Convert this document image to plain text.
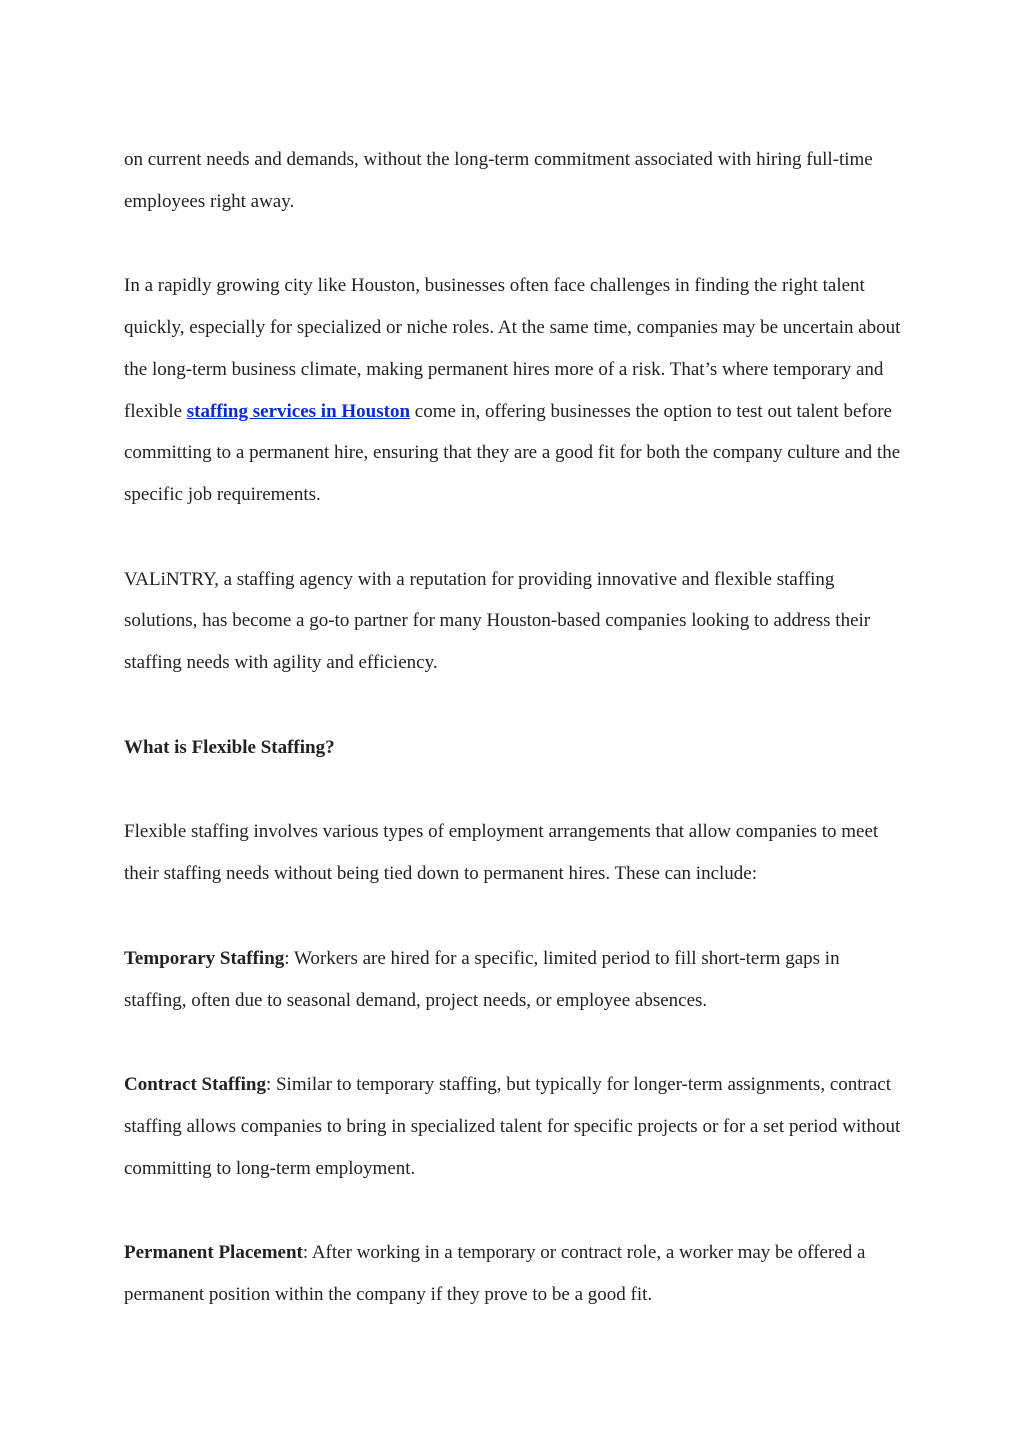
on current needs and demands, without the long-term commitment associated with hiring full-time employees right away.

In a rapidly growing city like Houston, businesses often face challenges in finding the right talent quickly, especially for specialized or niche roles. At the same time, companies may be uncertain about the long-term business climate, making permanent hires more of a risk. That’s where temporary and flexible staffing services in Houston come in, offering businesses the option to test out talent before committing to a permanent hire, ensuring that they are a good fit for both the company culture and the specific job requirements.

VALiNTRY, a staffing agency with a reputation for providing innovative and flexible staffing solutions, has become a go-to partner for many Houston-based companies looking to address their staffing needs with agility and efficiency.

What is Flexible Staffing?

Flexible staffing involves various types of employment arrangements that allow companies to meet their staffing needs without being tied down to permanent hires. These can include:

Temporary Staffing: Workers are hired for a specific, limited period to fill short-term gaps in staffing, often due to seasonal demand, project needs, or employee absences.

Contract Staffing: Similar to temporary staffing, but typically for longer-term assignments, contract staffing allows companies to bring in specialized talent for specific projects or for a set period without committing to long-term employment.

Permanent Placement: After working in a temporary or contract role, a worker may be offered a permanent position within the company if they prove to be a good fit.
